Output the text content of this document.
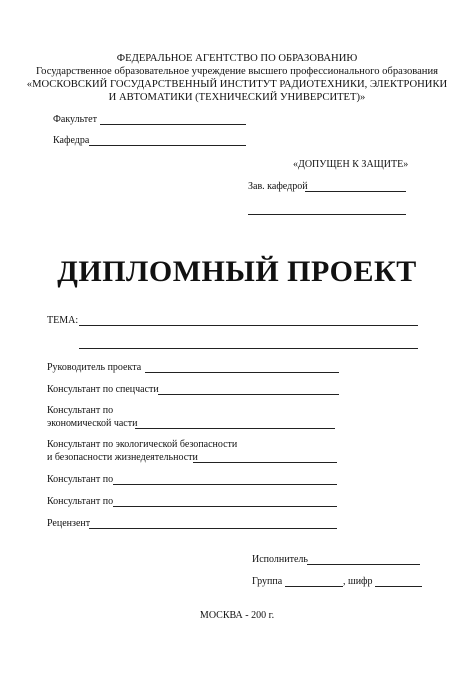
ФЕДЕРАЛЬНОЕ АГЕНТСТВО ПО ОБРАЗОВАНИЮ
Государственное образовательное учреждение высшего профессионального образования
«МОСКОВСКИЙ ГОСУДАРСТВЕННЫЙ ИНСТИТУТ РАДИОТЕХНИКИ, ЭЛЕКТРОНИКИ
И АВТОМАТИКИ (ТЕХНИЧЕСКИЙ УНИВЕРСИТЕТ)»
Факультет
Кафедра
«ДОПУЩЕН К ЗАЩИТЕ»
Зав. кафедрой
ДИПЛОМНЫЙ ПРОЕКТ
ТЕМА:
Руководитель проекта
Консультант по спецчасти
Консультант по
экономической части
Консультант по экологической безопасности
и безопасности жизнедеятельности
Консультант по
Консультант по
Рецензент
Исполнитель
Группа	, шифр
МОСКВА - 200 г.
